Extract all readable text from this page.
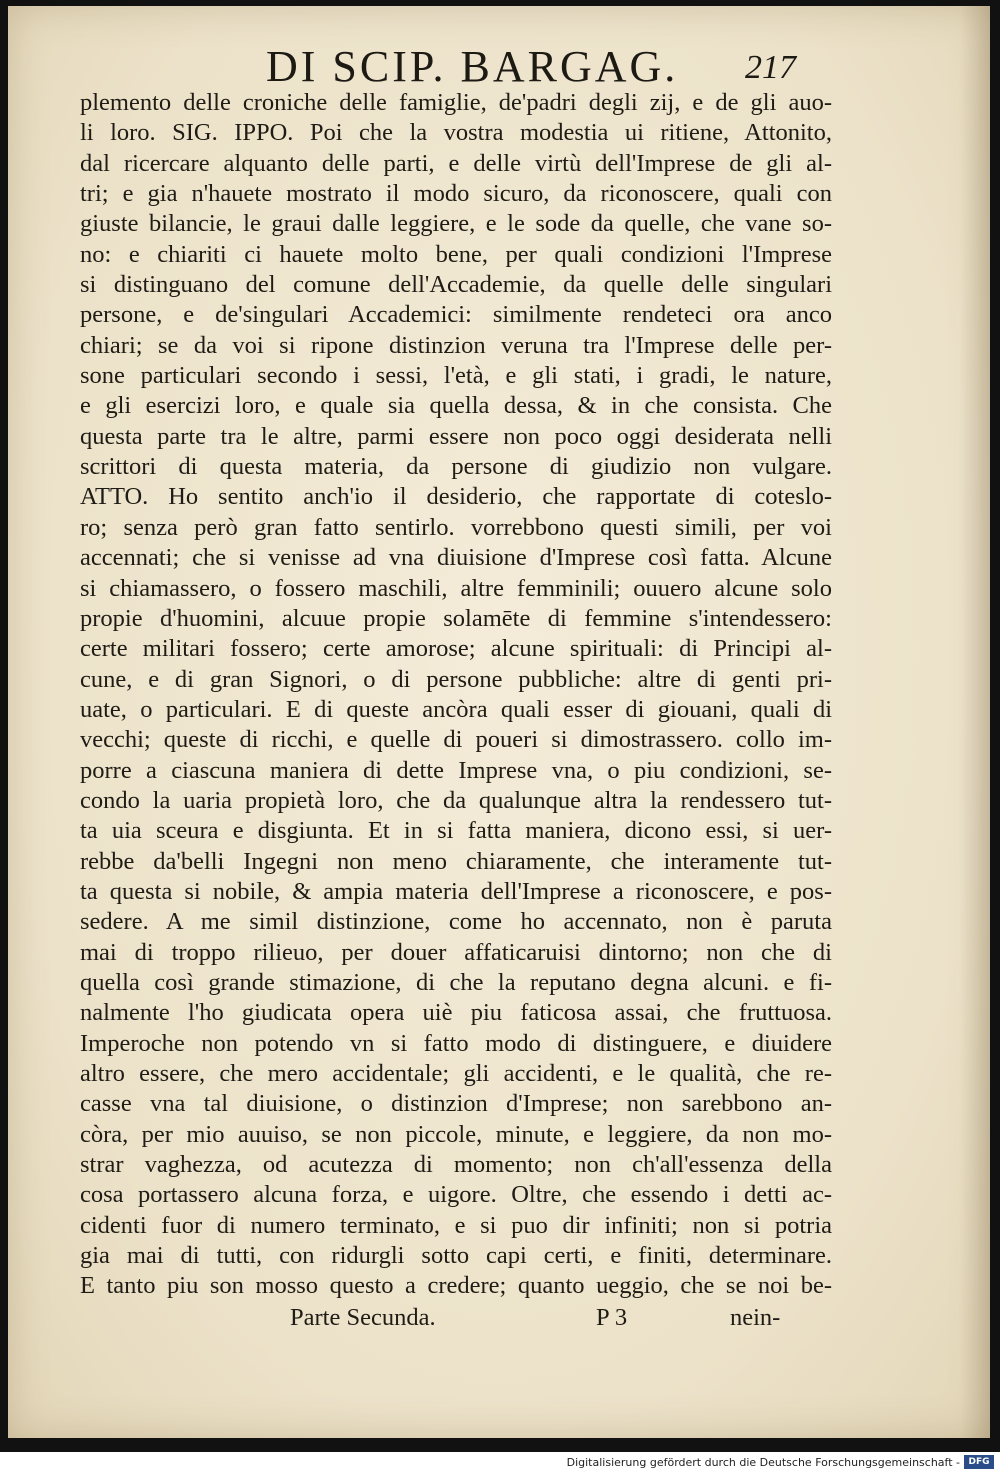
DI SCIP. BARGAG. 217
plemento delle croniche delle famiglie, de'padri degli zij, e de gli auo-
li loro. SIG. IPPO. Poi che la vostra modestia ui ritiene, Attonito,
dal ricercare alquanto delle parti, e delle virtù dell'Imprese de gli al-
tri; e gia n'hauete mostrato il modo sicuro, da riconoscere, quali con
giuste bilancie, le graui dalle leggiere, e le sode da quelle, che vane so-
no: e chiariti ci hauete molto bene, per quali condizioni l'Imprese
si distinguano del comune dell'Accademie, da quelle delle singulari
persone, e de'singulari Accademici: similmente rendeteci ora anco
chiari; se da voi si ripone distinzion veruna tra l'Imprese delle per-
sone particulari secondo i sessi, l'età, e gli stati, i gradi, le nature,
e gli esercizi loro, e quale sia quella dessa, & in che consista. Che
questa parte tra le altre, parmi essere non poco oggi desiderata nelli
scrittori di questa materia, da persone di giudizio non vulgare.
ATTO. Ho sentito anch'io il desiderio, che rapportate di coteslo-
ro; senza però gran fatto sentirlo. vorrebbono questi simili, per voi
accennati; che si venisse ad vna diuisione d'Imprese così fatta. Alcune
si chiamassero, o fossero maschili, altre femminili; ouuero alcune solo
propie d'huomini, alcuue propie solamēte di femmine s'intendessero:
certe militari fossero; certe amorose; alcune spirituali: di Principi al-
cune, e di gran Signori, o di persone pubbliche: altre di genti pri-
uate, o particulari. E di queste ancòra quali esser di giouani, quali di
vecchi; queste di ricchi, e quelle di poueri si dimostrassero. collo im-
porre a ciascuna maniera di dette Imprese vna, o piu condizioni, se-
condo la uaria propietà loro, che da qualunque altra la rendessero tut-
ta uia sceura e disgiunta. Et in si fatta maniera, dicono essi, si uer-
rebbe da'belli Ingegni non meno chiaramente, che interamente tut-
ta questa si nobile, & ampia materia dell'Imprese a riconoscere, e pos-
sedere. A me simil distinzione, come ho accennato, non è paruta
mai di troppo rilieuo, per douer affaticaruisi dintorno; non che di
quella così grande stimazione, di che la reputano degna alcuni. e fi-
nalmente l'ho giudicata opera uiè piu faticosa assai, che fruttuosa.
Imperoche non potendo vn si fatto modo di distinguere, e diuidere
altro essere, che mero accidentale; gli accidenti, e le qualità, che re-
casse vna tal diuisione, o distinzion d'Imprese; non sarebbono an-
còra, per mio auuiso, se non piccole, minute, e leggiere, da non mo-
strar vaghezza, od acutezza di momento; non ch'all'essenza della
cosa portassero alcuna forza, e uigore. Oltre, che essendo i detti ac-
cidenti fuor di numero terminato, e si puo dir infiniti; non si potria
gia mai di tutti, con ridurgli sotto capi certi, e finiti, determinare.
E tanto piu son mosso questo a credere; quanto ueggio, che se noi be-
Parte Secunda.	P 3	nein-
Digitalisierung gefördert durch die Deutsche Forschungsgemeinschaft - DFG
